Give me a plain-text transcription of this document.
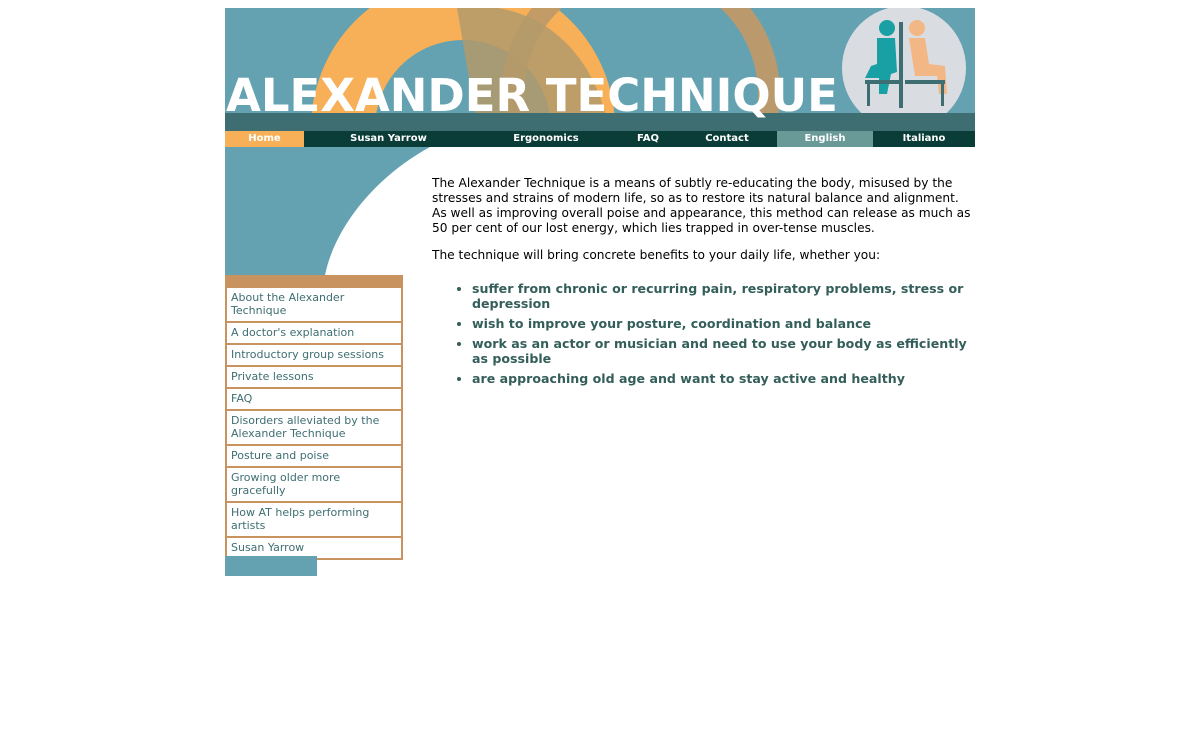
ALEXANDER TECHNIQUE
Home	Susan Yarrow	Ergonomics	FAQ	Contact	English	Italiano

The Alexander Technique is a means of subtly re-educating the body, misused by the stresses and strains of modern life, so as to restore its natural balance and alignment. As well as improving overall poise and appearance, this method can release as much as 50 per cent of our lost energy, which lies trapped in over-tense muscles.

The technique will bring concrete benefits to your daily life, whether you:

• suffer from chronic or recurring pain, respiratory problems, stress or depression
• wish to improve your posture, coordination and balance
• work as an actor or musician and need to use your body as efficiently as possible
• are approaching old age and want to stay active and healthy
About the Alexander Technique
A doctor's explanation
Introductory group sessions
Private lessons
FAQ
Disorders alleviated by the Alexander Technique
Posture and poise
Growing older more gracefully
How AT helps performing artists
Susan Yarrow
